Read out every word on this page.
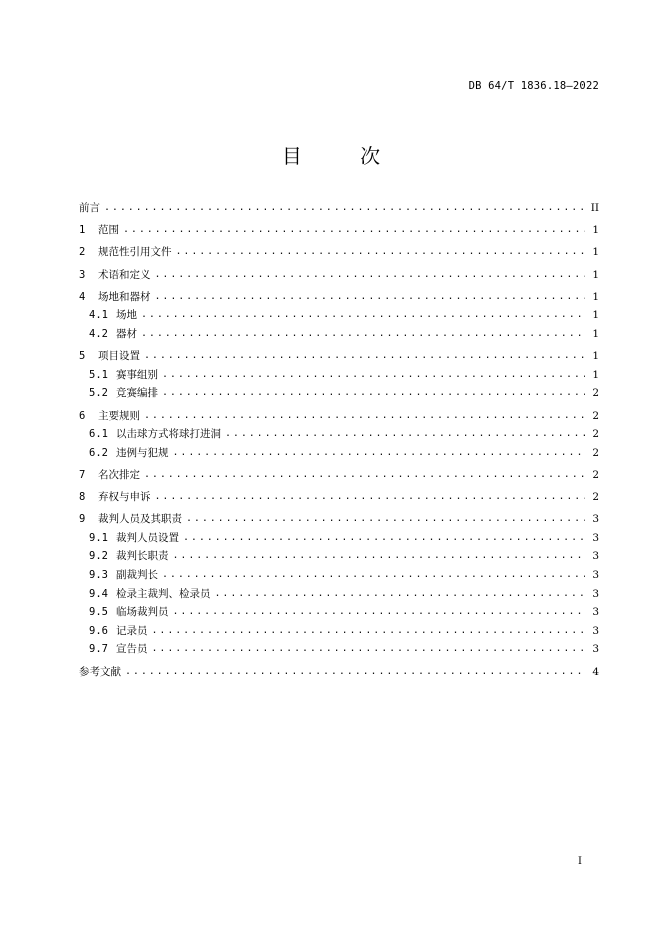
DB 64/T 1836.18—2022
目	次
前言 .....	II
1	范围 .....	1
2	规范性引用文件 .....	1
3	术语和定义 .....	1
4	场地和器材 .....	1
4.1 场地 .....	1
4.2 器材 .....	1
5	项目设置 .....	1
5.1 赛事组别 .....	1
5.2 竞赛编排 .....	2
6	主要规则 .....	2
6.1 以击球方式将球打进洞 .....	2
6.2 违例与犯规 .....	2
7	名次排定 .....	2
8	弃权与申诉 .....	2
9	裁判人员及其职责 .....	3
9.1 裁判人员设置 .....	3
9.2 裁判长职责 .....	3
9.3 副裁判长 .....	3
9.4 检录主裁判、检录员 .....	3
9.5 临场裁判员 .....	3
9.6 记录员 .....	3
9.7 宣告员 .....	3
参考文献 .....	4
I
